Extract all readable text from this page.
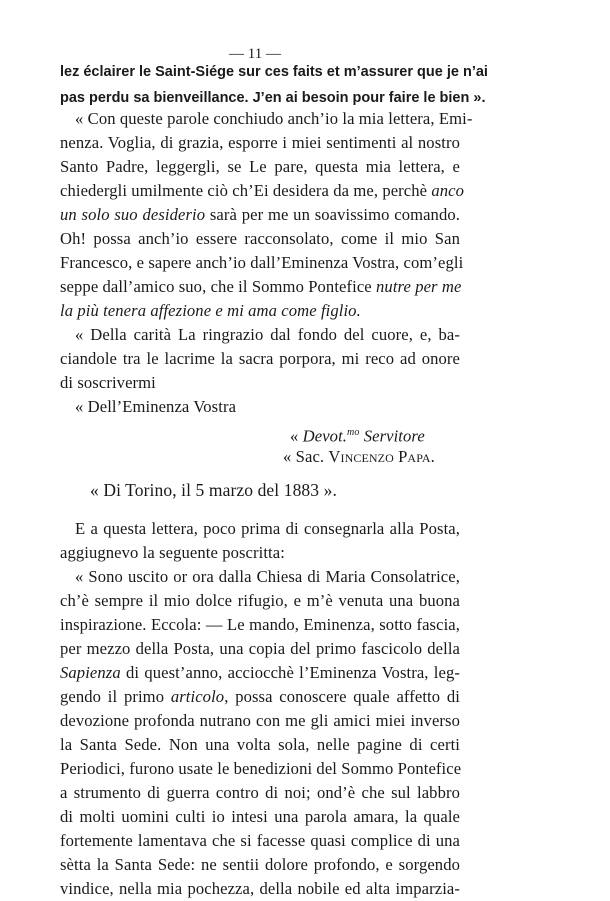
— 11 —
lez éclairer le Saint-Siége sur ces faits et m’assurer que je n’ai
pas perdu sa bienveillance. J’en ai besoin pour faire le bien ».
« Con queste parole conchiudo anch’io la mia lettera, Emi-
nenza. Voglia, di grazia, esporre i miei sentimenti al nostro
Santo Padre, leggergli, se Le pare, questa mia lettera, e
chiedergli umilmente ciò ch’Ei desidera da me, perchè anco
un solo suo desiderio sarà per me un soavissimo comando.
Oh! possa anch’io essere racconsolato, come il mio San
Francesco, e sapere anch’io dall’Eminenza Vostra, com’egli
seppe dall’amico suo, che il Sommo Pontefice nutre per me
la più tenera affezione e mi ama come figlio.
« Della carità La ringrazio dal fondo del cuore, e, ba-
ciandole tra le lacrime la sacra porpora, mi reco ad onore
di soscrivermi
« Dell’Eminenza Vostra
« Devot.$^{mo}$ Servitore
« Sac. Vincenzo Papa.
« Di Torino, il 5 marzo del 1883 ».
E a questa lettera, poco prima di consegnarla alla Posta,
aggiugnevo la seguente poscritta:
« Sono uscito or ora dalla Chiesa di Maria Consolatrice,
ch’è sempre il mio dolce rifugio, e m’è venuta una buona
inspirazione. Eccola: — Le mando, Eminenza, sotto fascia,
per mezzo della Posta, una copia del primo fascicolo della
Sapienza di quest’anno, acciocchè l’Eminenza Vostra, leg-
gendo il primo articolo, possa conoscere quale affetto di
devozione profonda nutrano con me gli amici miei inverso
la Santa Sede. Non una volta sola, nelle pagine di certi
Periodici, furono usate le benedizioni del Sommo Pontefice
a strumento di guerra contro di noi; ond’è che sul labbro
di molti uomini culti io intesi una parola amara, la quale
fortemente lamentava che si facesse quasi complice di una
sètta la Santa Sede: ne sentii dolore profondo, e sorgendo
vindice, nella mia pochezza, della nobile ed alta imparzia-
